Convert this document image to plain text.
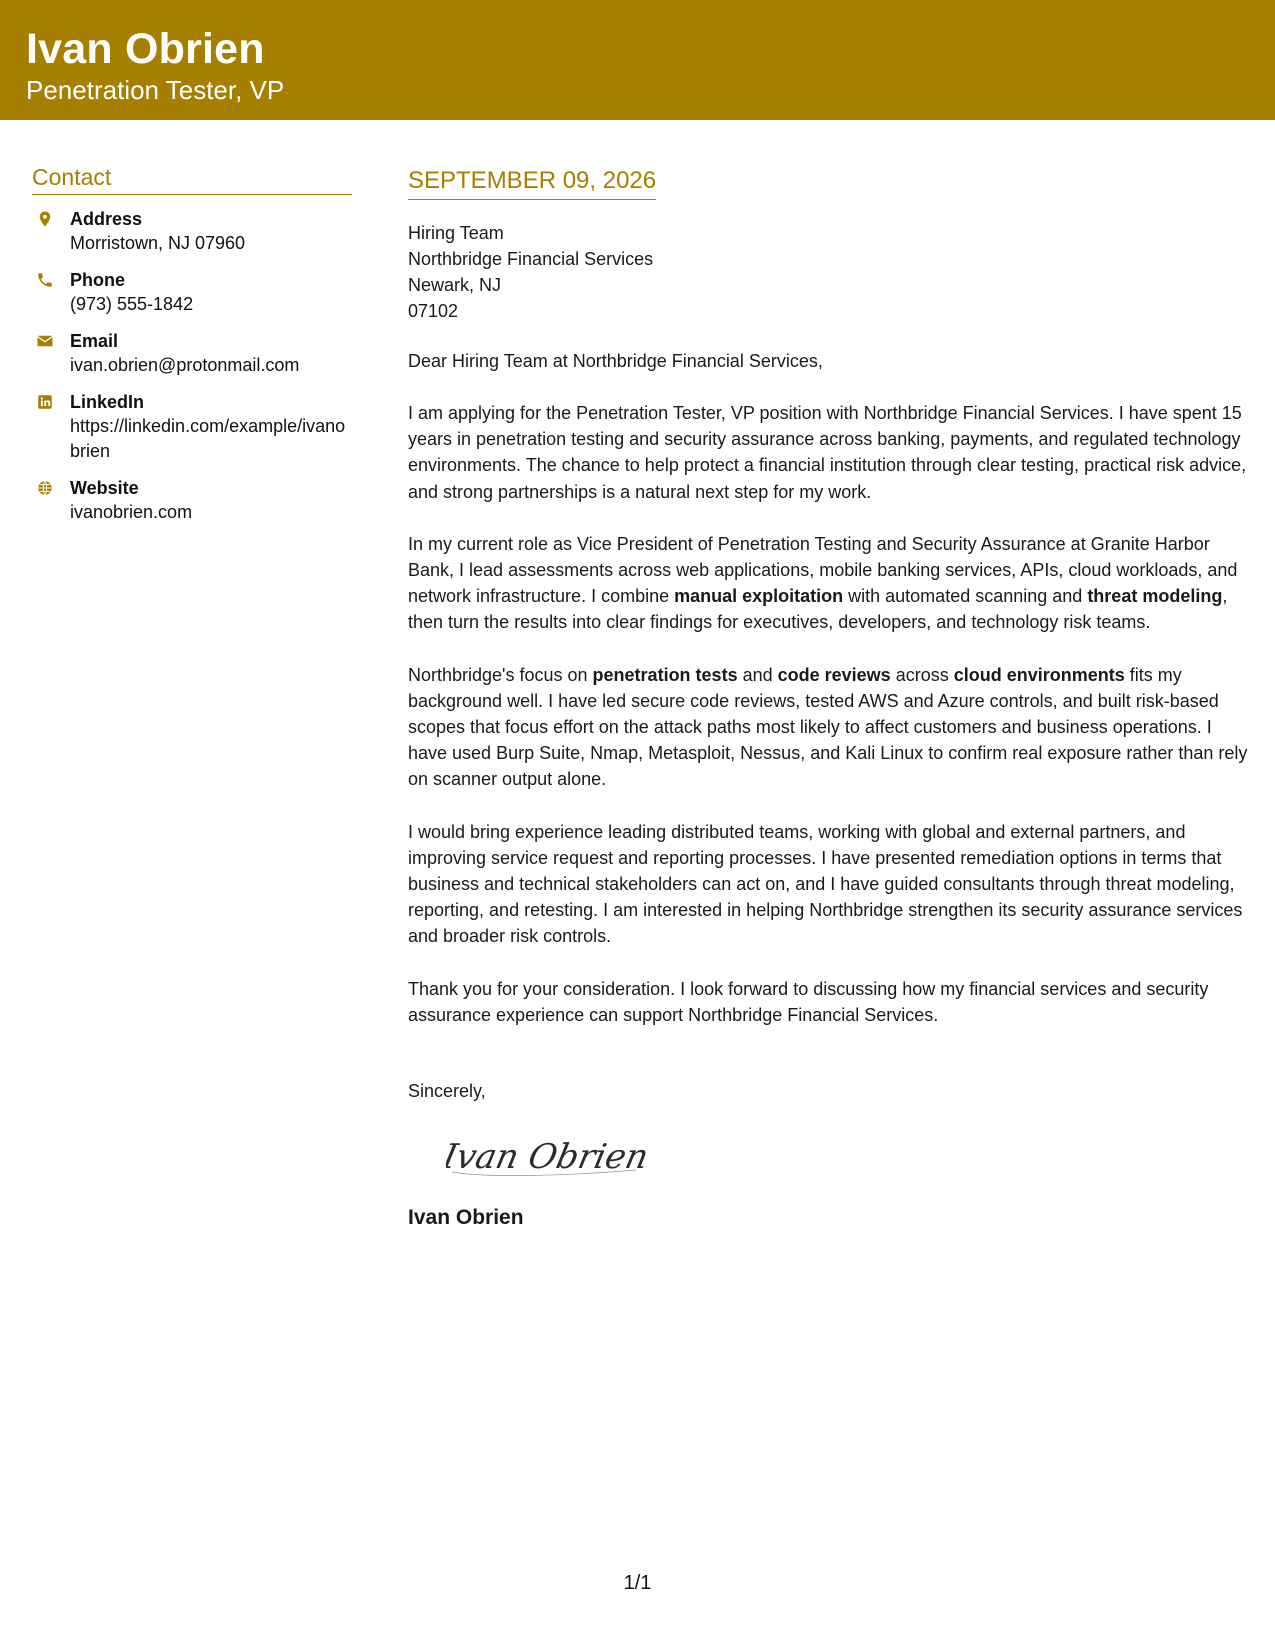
Ivan Obrien
Penetration Tester, VP
Contact
Address
Morristown, NJ 07960
Phone
(973) 555-1842
Email
ivan.obrien@protonmail.com
LinkedIn
https://linkedin.com/example/ivanobrien
Website
ivanobrien.com
SEPTEMBER 09, 2026
Hiring Team
Northbridge Financial Services
Newark, NJ
07102
Dear Hiring Team at Northbridge Financial Services,
I am applying for the Penetration Tester, VP position with Northbridge Financial Services. I have spent 15 years in penetration testing and security assurance across banking, payments, and regulated technology environments. The chance to help protect a financial institution through clear testing, practical risk advice, and strong partnerships is a natural next step for my work.
In my current role as Vice President of Penetration Testing and Security Assurance at Granite Harbor Bank, I lead assessments across web applications, mobile banking services, APIs, cloud workloads, and network infrastructure. I combine manual exploitation with automated scanning and threat modeling, then turn the results into clear findings for executives, developers, and technology risk teams.
Northbridge's focus on penetration tests and code reviews across cloud environments fits my background well. I have led secure code reviews, tested AWS and Azure controls, and built risk-based scopes that focus effort on the attack paths most likely to affect customers and business operations. I have used Burp Suite, Nmap, Metasploit, Nessus, and Kali Linux to confirm real exposure rather than rely on scanner output alone.
I would bring experience leading distributed teams, working with global and external partners, and improving service request and reporting processes. I have presented remediation options in terms that business and technical stakeholders can act on, and I have guided consultants through threat modeling, reporting, and retesting. I am interested in helping Northbridge strengthen its security assurance services and broader risk controls.
Thank you for your consideration. I look forward to discussing how my financial services and security assurance experience can support Northbridge Financial Services.
Sincerely,
Ivan Obrien
Ivan Obrien
1/1
